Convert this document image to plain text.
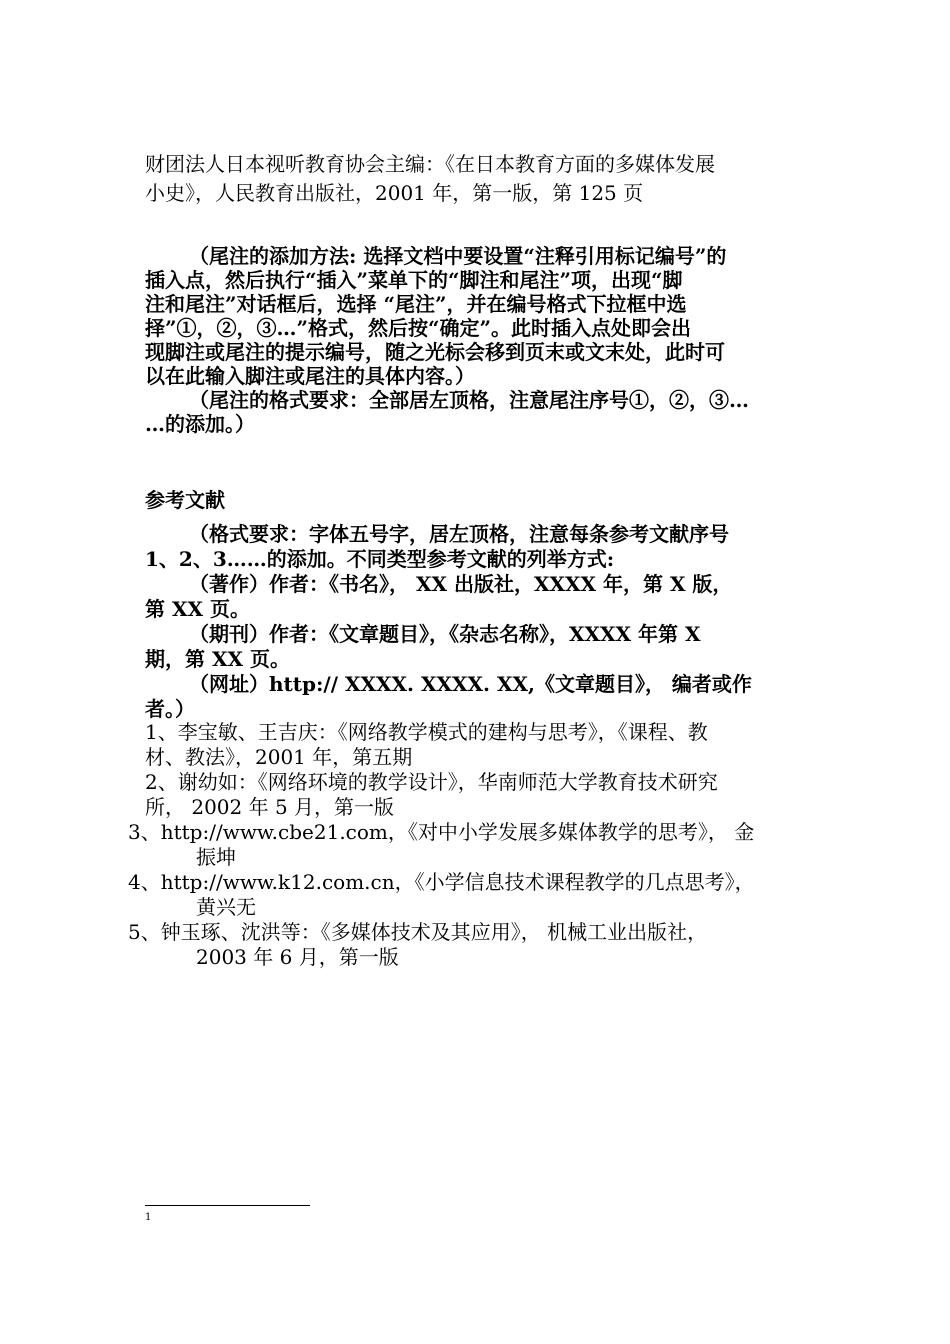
财团法人日本视听教育协会主编：《在日本教育方面的多媒体发展

小史》，人民教育出版社，2001 年，第一版，第 125 页

（尾注的添加方法: 选择文档中要设置“注释引用标记编号”的

插入点，然后执行“插入”菜单下的“脚注和尾注”项，出现“脚

注和尾注”对话框后，选择 “尾注”，并在编号格式下拉框中选

择”①，②，③…”格式，然后按“确定”。此时插入点处即会出

现脚注或尾注的提示编号，随之光标会移到页末或文末处，此时可

以在此输入脚注或尾注的具体内容。）

（尾注的格式要求：全部居左顶格，注意尾注序号①，②，③…

…的添加。）

参考文献

（格式要求：字体五号字，居左顶格，注意每条参考文献序号

1、2、3……的添加。不同类型参考文献的列举方式:

（著作）作者：《书名》， XX 出版社，XXXX 年，第 X 版，

第 XX 页。

（期刊）作者：《文章题目》，《杂志名称》，XXXX 年第 X

期，第 XX 页。

（网址）http:// XXXX. XXXX. XX,《文章题目》， 编者或作

者。）

1、李宝敏、王吉庆：《网络教学模式的建构与思考》，《课程、教

材、教法》，2001 年，第五期

2、谢幼如：《网络环境的教学设计》，华南师范大学教育技术研究

所， 2002 年 5 月，第一版

3、http://www.cbe21.com，《对中小学发展多媒体教学的思考》， 金
振坤
4、http://www.k12.com.cn，《小学信息技术课程教学的几点思考》，
黄兴无
5、钟玉琢、沈洪等：《多媒体技术及其应用》， 机械工业出版社，
2003 年 6 月，第一版
1
